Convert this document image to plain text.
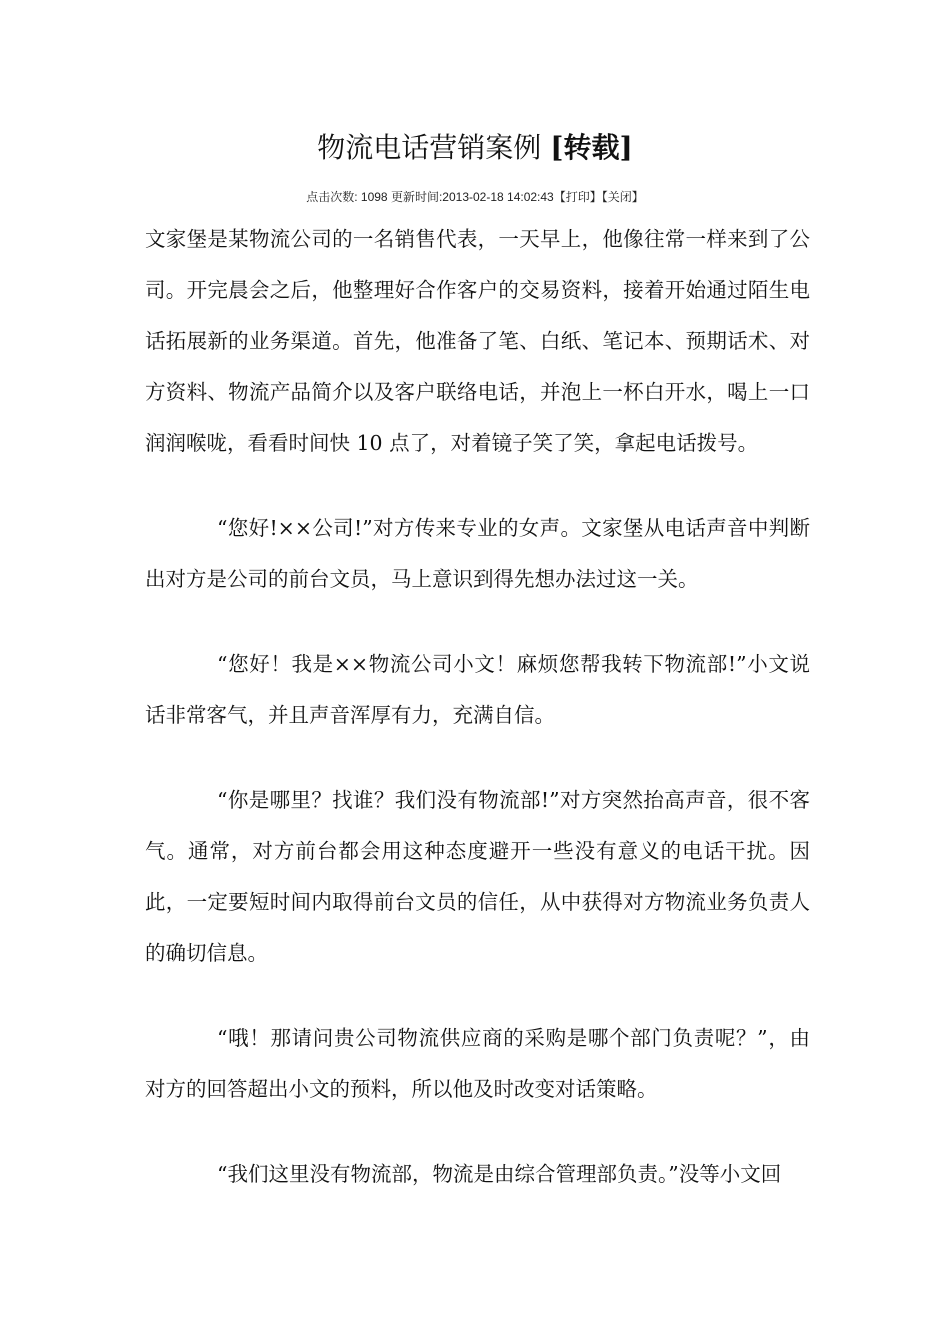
物流电话营销案例 [转载]
点击次数: 1098 更新时间:2013-02-18 14:02:43【打印】【关闭】

文家堡是某物流公司的一名销售代表，一天早上，他像往常一样来到了公司。开完晨会之后，他整理好合作客户的交易资料，接着开始通过陌生电话拓展新的业务渠道。首先，他准备了笔、白纸、笔记本、预期话术、对方资料、物流产品简介以及客户联络电话，并泡上一杯白开水，喝上一口润润喉咙，看看时间快 10 点了，对着镜子笑了笑，拿起电话拨号。

“您好!××公司!”对方传来专业的女声。文家堡从电话声音中判断出对方是公司的前台文员，马上意识到得先想办法过这一关。

“您好！我是××物流公司小文！麻烦您帮我转下物流部!”小文说话非常客气，并且声音浑厚有力，充满自信。

“你是哪里？找谁？我们没有物流部!”对方突然抬高声音，很不客气。通常，对方前台都会用这种态度避开一些没有意义的电话干扰。因此，一定要短时间内取得前台文员的信任，从中获得对方物流业务负责人的确切信息。

“哦！那请问贵公司物流供应商的采购是哪个部门负责呢？”，由对方的回答超出小文的预料，所以他及时改变对话策略。

“我们这里没有物流部，物流是由综合管理部负责。”没等小文回
